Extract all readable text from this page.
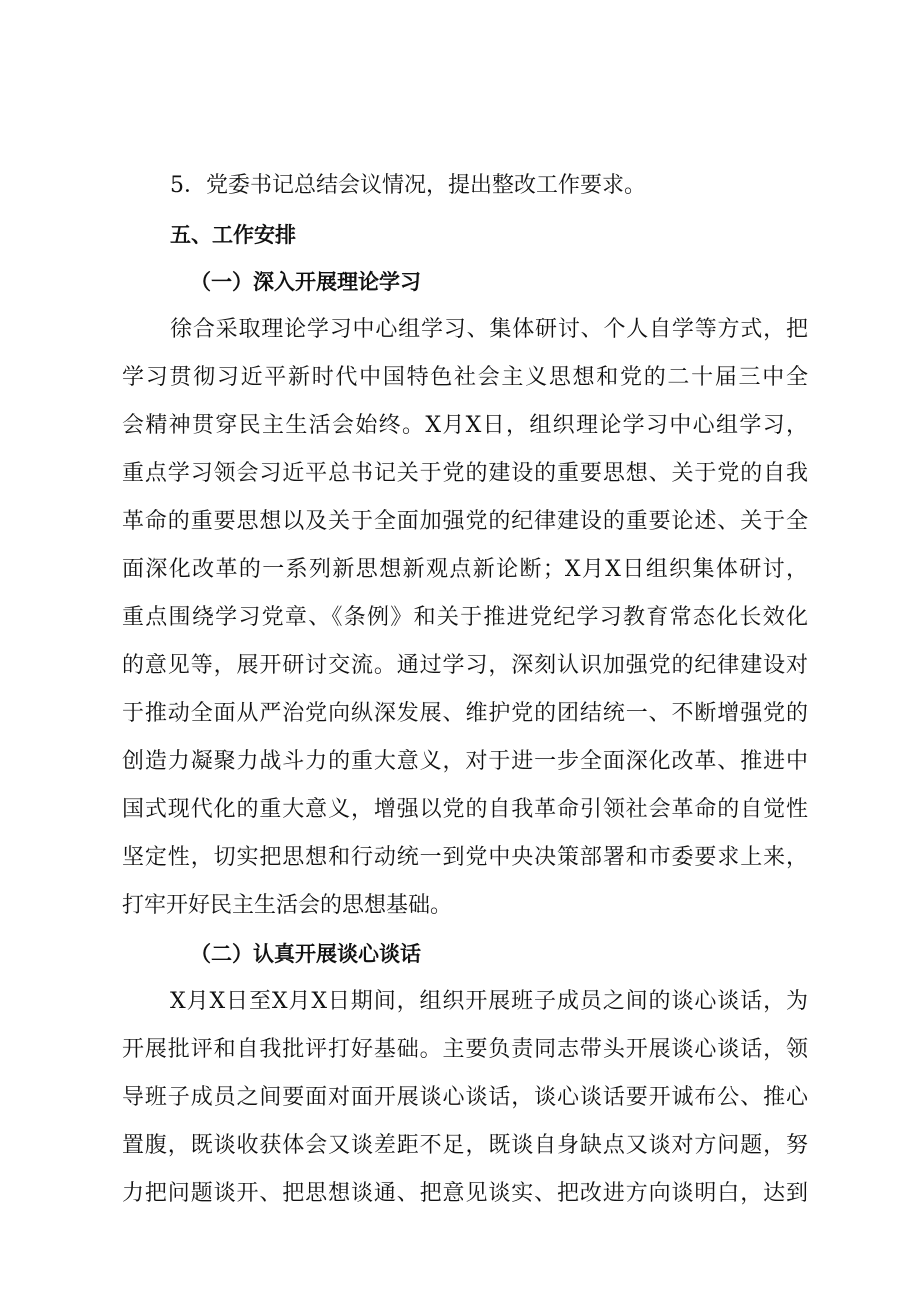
5．党委书记总结会议情况，提出整改工作要求。
五、工作安排
（一）深入开展理论学习
徐合采取理论学习中心组学习、集体研讨、个人自学等方式，把
学习贯彻习近平新时代中国特色社会主义思想和党的二十届三中全
会精神贯穿民主生活会始终。X月X日，组织理论学习中心组学习，
重点学习领会习近平总书记关于党的建设的重要思想、关于党的自我
革命的重要思想以及关于全面加强党的纪律建设的重要论述、关于全
面深化改革的一系列新思想新观点新论断；X月X日组织集体研讨，
重点围绕学习党章、《条例》和关于推进党纪学习教育常态化长效化
的意见等，展开研讨交流。通过学习，深刻认识加强党的纪律建设对
于推动全面从严治党向纵深发展、维护党的团结统一、不断增强党的
创造力凝聚力战斗力的重大意义，对于进一步全面深化改革、推进中
国式现代化的重大意义，增强以党的自我革命引领社会革命的自觉性
坚定性，切实把思想和行动统一到党中央决策部署和市委要求上来，
打牢开好民主生活会的思想基础。
（二）认真开展谈心谈话
X月X日至X月X日期间，组织开展班子成员之间的谈心谈话，为
开展批评和自我批评打好基础。主要负责同志带头开展谈心谈话，领
导班子成员之间要面对面开展谈心谈话，谈心谈话要开诚布公、推心
置腹，既谈收获体会又谈差距不足，既谈自身缺点又谈对方问题，努
力把问题谈开、把思想谈通、把意见谈实、把改进方向谈明白，达到
